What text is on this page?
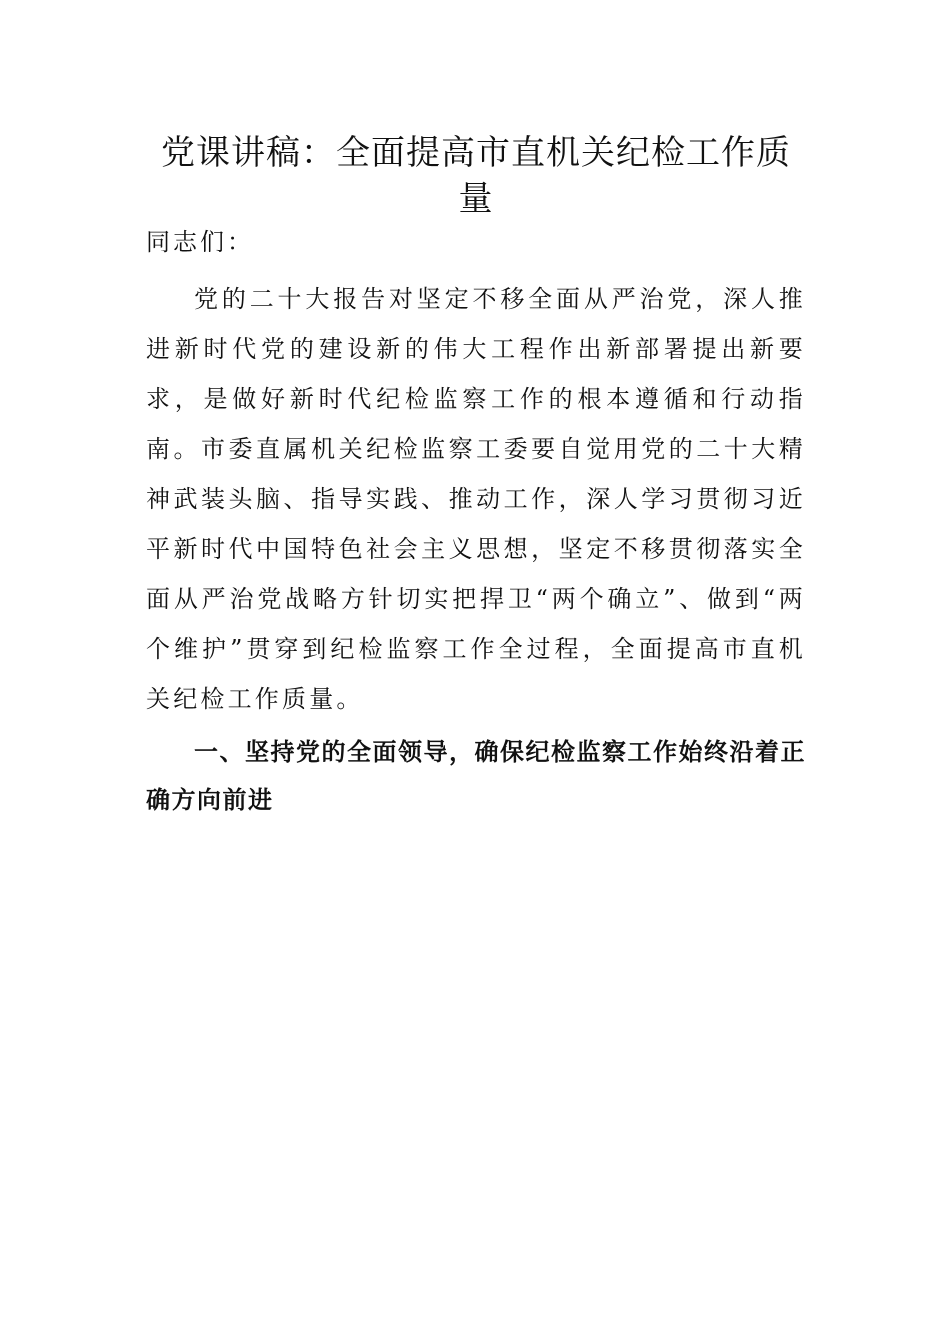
党课讲稿：全面提高市直机关纪检工作质量

同志们：

党的二十大报告对坚定不移全面从严治党，深人推进新时代党的建设新的伟大工程作出新部署提出新要求，是做好新时代纪检监察工作的根本遵循和行动指南。市委直属机关纪检监察工委要自觉用党的二十大精神武装头脑、指导实践、推动工作，深人学习贯彻习近平新时代中国特色社会主义思想，坚定不移贯彻落实全面从严治党战略方针切实把捍卫“两个确立”、做到“两个维护”贯穿到纪检监察工作全过程，全面提高市直机关纪检工作质量。

一、坚持党的全面领导，确保纪检监察工作始终沿着正确方向前进
